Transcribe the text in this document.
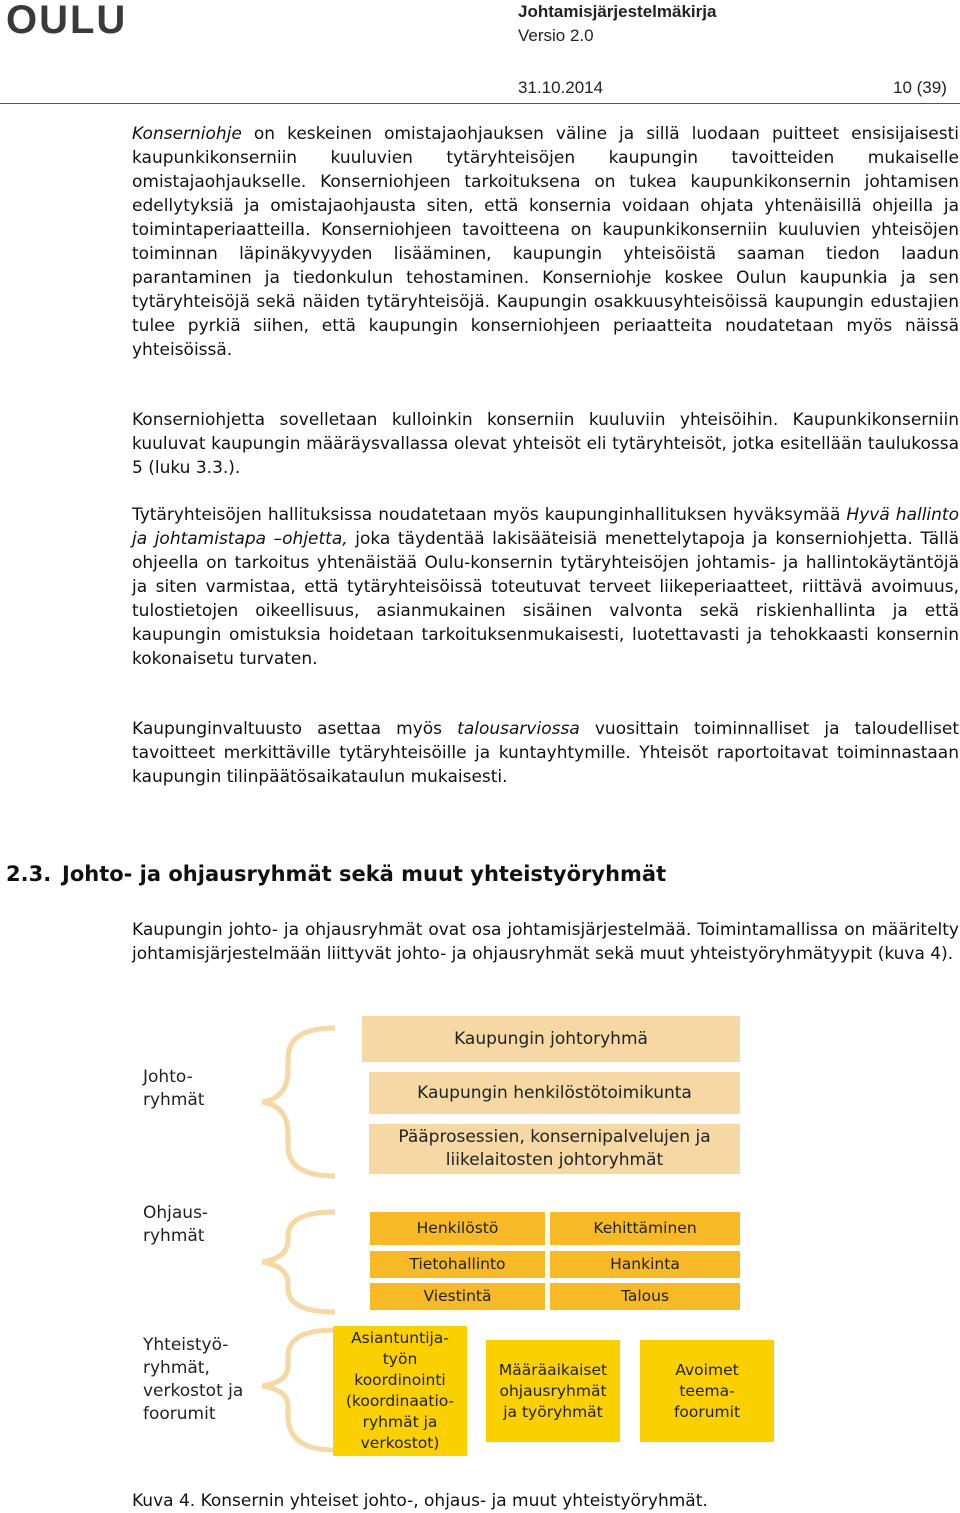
OULU	Johtamisjärjestelmäkirja
Versio 2.0
31.10.2014	10 (39)

Konserniohje on keskeinen omistajaohjauksen väline ja sillä luodaan puitteet ensisijaisesti kaupunkikonserniin kuuluvien tytäryhteisöjen kaupungin tavoitteiden mukaiselle omistajaohjaukselle. Konserniohjeen tarkoituksena on tukea kaupunkikonsernin johtamisen edellytyksiä ja omistajaohjausta siten, että konsernia voidaan ohjata yhtenäisillä ohjeilla ja toimintaperiaatteilla. Konserniohjeen tavoitteena on kaupunkikonserniin kuuluvien yhteisöjen toiminnan läpinäkyvyyden lisääminen, kaupungin yhteisöistä saaman tiedon laadun parantaminen ja tiedonkulun tehostaminen. Konserniohje koskee Oulun kaupunkia ja sen tytäryhteisöjä sekä näiden tytäryhteisöjä. Kaupungin osakkuusyhteisöissä kaupungin edustajien tulee pyrkiä siihen, että kaupungin konserniohjeen periaatteita noudatetaan myös näissä yhteisöissä.

Konserniohjetta sovelletaan kulloinkin konserniin kuuluviin yhteisöihin. Kaupunkikonserniin kuuluvat kaupungin määräysvallassa olevat yhteisöt eli tytäryhteisöt, jotka esitellään taulukossa 5 (luku 3.3.).

Tytäryhteisöjen hallituksissa noudatetaan myös kaupunginhallituksen hyväksymää Hyvä hallinto ja johtamistapa –ohjetta, joka täydentää lakisääteisiä menettelytapoja ja konserniohjetta. Tällä ohjeella on tarkoitus yhtenäistää Oulu-konsernin tytäryhteisöjen johtamis- ja hallintokäytäntöjä ja siten varmistaa, että tytäryhteisöissä toteutuvat terveet liikeperiaatteet, riittävä avoimuus, tulostietojen oikeellisuus, asianmukainen sisäinen valvonta sekä riskienhallinta ja että kaupungin omistuksia hoidetaan tarkoituksenmukaisesti, luotettavasti ja tehokkaasti konsernin kokonaisetu turvaten.

Kaupunginvaltuusto asettaa myös talousarviossa vuosittain toiminnalliset ja taloudelliset tavoitteet merkittäville tytäryhteisöille ja kuntayhtymille. Yhteisöt raportoitavat toiminnastaan kaupungin tilinpäätösaikataulun mukaisesti.

2.3. Johto- ja ohjausryhmät sekä muut yhteistyöryhmät

Kaupungin johto- ja ohjausryhmät ovat osa johtamisjärjestelmää. Toimintamallissa on määritelty johtamisjärjestelmään liittyvät johto- ja ohjausryhmät sekä muut yhteistyöryhmätyypit (kuva 4).

Johto-
ryhmät
Ohjaus-
ryhmät
Yhteistyö-
ryhmät,
verkostot ja
foorumit
Kaupungin johtoryhmä
Kaupungin henkilöstötoimikunta
Pääprosessien, konsernipalvelujen ja liikelaitosten johtoryhmät
Henkilöstö
Tietohallinto
Viestintä
Kehittäminen
Hankinta
Talous
Asiantuntija-työn koordinointi (koordinaatio-ryhmät ja verkostot)
Määräaikaiset ohjausryhmät ja työryhmät
Avoimet teema-foorumit

Kuva 4. Konsernin yhteiset johto-, ohjaus- ja muut yhteistyöryhmät.
